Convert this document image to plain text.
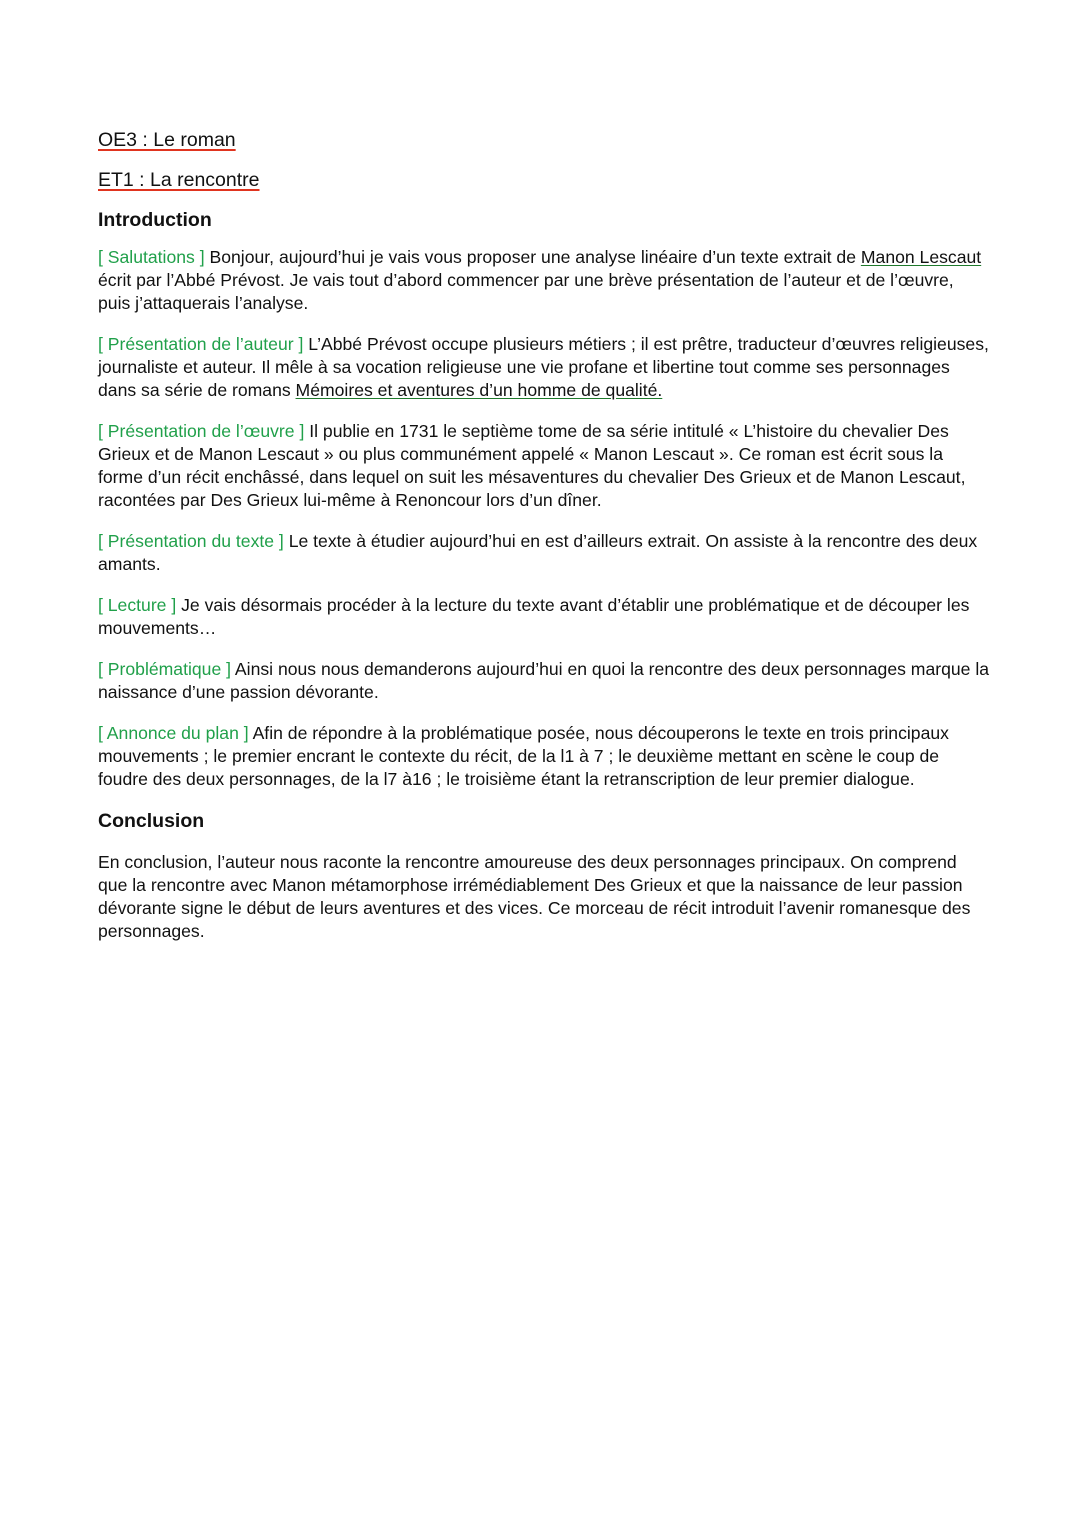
OE3 : Le roman
ET1 : La rencontre
Introduction

[ Salutations ] Bonjour, aujourd’hui je vais vous proposer une analyse linéaire d’un texte extrait de Manon Lescaut écrit par l’Abbé Prévost. Je vais tout d’abord commencer par une brève présentation de l’auteur et de l’œuvre, puis j’attaquerais l’analyse.

[ Présentation de l’auteur ] L’Abbé Prévost occupe plusieurs métiers ; il est prêtre, traducteur d’œuvres religieuses, journaliste et auteur. Il mêle à sa vocation religieuse une vie profane et libertine tout comme ses personnages dans sa série de romans Mémoires et aventures d’un homme de qualité.

[ Présentation de l’œuvre ] Il publie en 1731 le septième tome de sa série intitulé « L’histoire du chevalier Des Grieux et de Manon Lescaut » ou plus communément appelé « Manon Lescaut ». Ce roman est écrit sous la forme d’un récit enchâssé, dans lequel on suit les mésaventures du chevalier Des Grieux et de Manon Lescaut, racontées par Des Grieux lui-même à Renoncour lors d’un dîner.

[ Présentation du texte ] Le texte à étudier aujourd’hui en est d’ailleurs extrait. On assiste à la rencontre des deux amants.

[ Lecture ] Je vais désormais procéder à la lecture du texte avant d’établir une problématique et de découper les mouvements…

[ Problématique ] Ainsi nous nous demanderons aujourd’hui en quoi la rencontre des deux personnages marque la naissance d’une passion dévorante.

[ Annonce du plan ] Afin de répondre à la problématique posée, nous découperons le texte en trois principaux mouvements ; le premier encrant le contexte du récit, de la l1 à 7 ; le deuxième mettant en scène le coup de foudre des deux personnages, de la l7 à16 ; le troisième étant la retranscription de leur premier dialogue.

Conclusion

En conclusion, l’auteur nous raconte la rencontre amoureuse des deux personnages principaux. On comprend que la rencontre avec Manon métamorphose irrémédiablement Des Grieux et que la naissance de leur passion dévorante signe le début de leurs aventures et des vices. Ce morceau de récit introduit l’avenir romanesque des personnages.
